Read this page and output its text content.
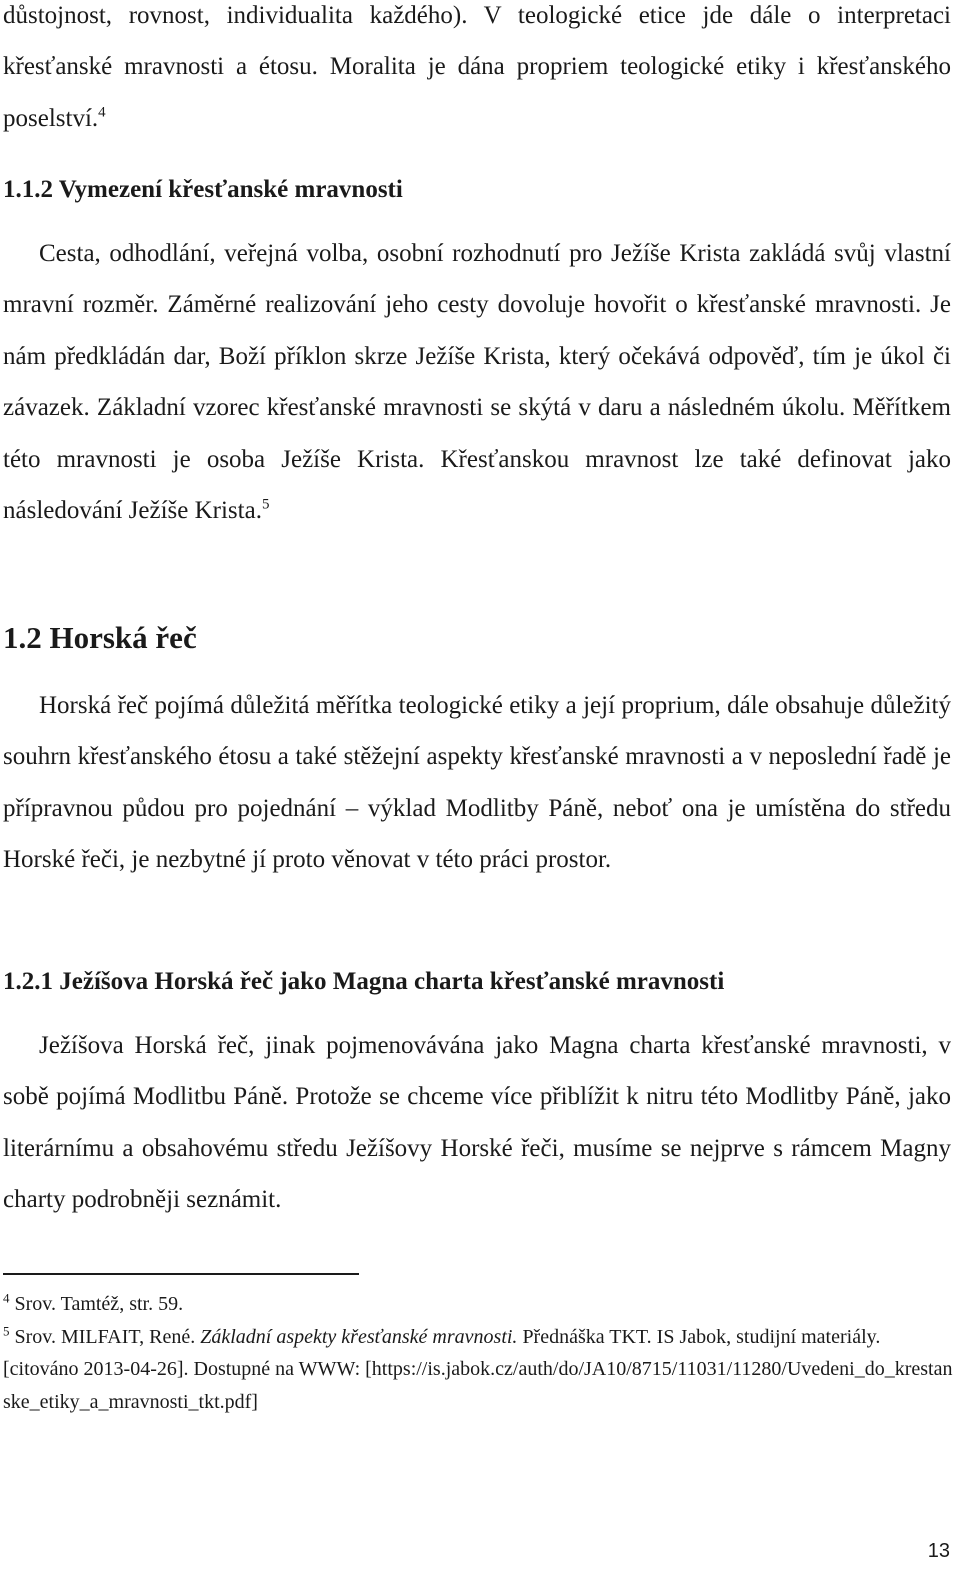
důstojnost, rovnost, individualita každého). V teologické etice jde dále o interpretaci křesťanské mravnosti a étosu. Moralita je dána propriem teologické etiky i křesťanského poselství.$^4$

1.1.2 Vymezení křesťanské mravnosti

Cesta, odhodlání, veřejná volba, osobní rozhodnutí pro Ježíše Krista zakládá svůj vlastní mravní rozměr. Záměrné realizování jeho cesty dovoluje hovořit o křesťanské mravnosti. Je nám předkládán dar, Boží příklon skrze Ježíše Krista, který očekává odpověď, tím je úkol či závazek. Základní vzorec křesťanské mravnosti se skýtá v daru a následném úkolu. Měřítkem této mravnosti je osoba Ježíše Krista. Křesťanskou mravnost lze také definovat jako následování Ježíše Krista.$^5$

1.2 Horská řeč

Horská řeč pojímá důležitá měřítka teologické etiky a její proprium, dále obsahuje důležitý souhrn křesťanského étosu a také stěžejní aspekty křesťanské mravnosti a v neposlední řadě je přípravnou půdou pro pojednání – výklad Modlitby Páně, neboť ona je umístěna do středu Horské řeči, je nezbytné jí proto věnovat v této práci prostor.

1.2.1 Ježíšova Horská řeč jako Magna charta křesťanské mravnosti

Ježíšova Horská řeč, jinak pojmenovávána jako Magna charta křesťanské mravnosti, v sobě pojímá Modlitbu Páně. Protože se chceme více přiblížit k nitru této Modlitby Páně, jako literárnímu a obsahovému středu Ježíšovy Horské řeči, musíme se nejprve s rámcem Magny charty podrobněji seznámit.

$^4$ Srov. Tamtéž, str. 59.

$^5$ Srov. MILFAIT, René. Základní aspekty křesťanské mravnosti. Přednáška TKT. IS Jabok, studijní materiály. [citováno 2013-04-26]. Dostupné na WWW: [https://is.jabok.cz/auth/do/JA10/8715/11031/11280/Uvedeni_do_krestanske_etiky_a_mravnosti_tkt.pdf]

13
